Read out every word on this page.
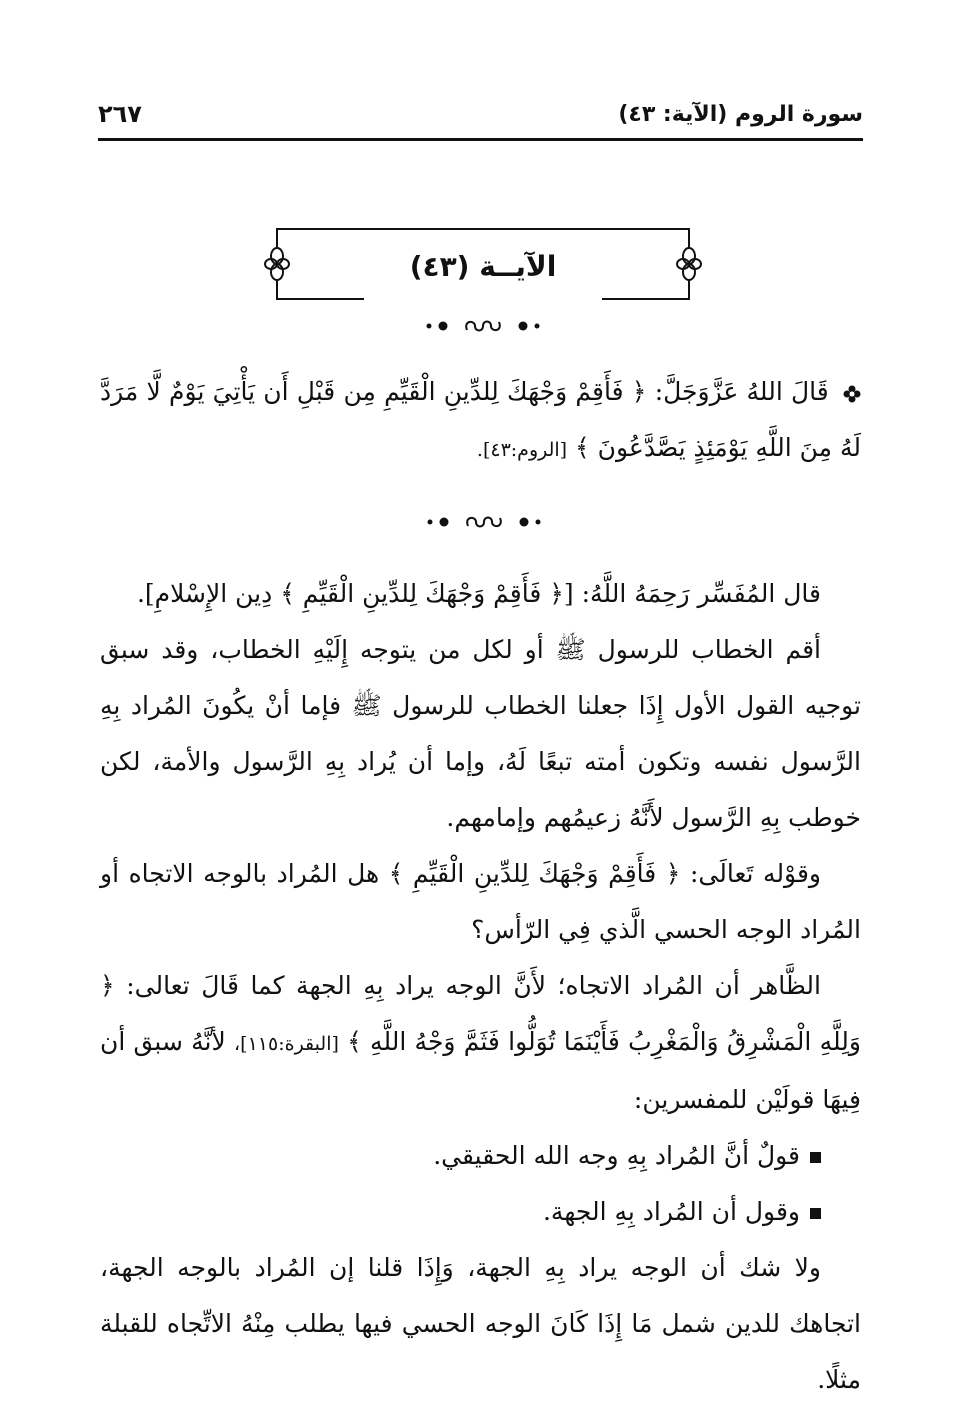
سورة الروم (الآية: ٤٣)
٢٦٧
الآيــة (٤٣)

قَالَ اللهُ عَزَّوَجَلَّ: ﴿ فَأَقِمْ وَجْهَكَ لِلدِّينِ الْقَيِّمِ مِن قَبْلِ أَن يَأْتِيَ يَوْمٌ لَّا مَرَدَّ لَهُ مِنَ اللَّهِ يَوْمَئِذٍ يَصَّدَّعُونَ ﴾ [الروم:٤٣].

قال المُفَسِّر رَحِمَهُ اللَّهُ: [﴿ فَأَقِمْ وَجْهَكَ لِلدِّينِ الْقَيِّمِ ﴾ دِين الإِسْلامِ].

أقم الخطاب للرسول ﷺ أو لكل من يتوجه إِلَيْهِ الخطاب، وقد سبق توجيه القول الأول إِذَا جعلنا الخطاب للرسول ﷺ فإما أنْ يكُونَ المُراد بِهِ الرَّسول نفسه وتكون أمته تبعًا لَهُ، وإما أن يُراد بِهِ الرَّسول والأمة، لكن خوطب بِهِ الرَّسول لأَنَّهُ زعيمُهم وإمامهم.

وقوْله تَعالَى: ﴿ فَأَقِمْ وَجْهَكَ لِلدِّينِ الْقَيِّمِ ﴾ هل المُراد بالوجه الاتجاه أو المُراد الوجه الحسي الَّذي فِي الرّأس؟

الظَّاهر أن المُراد الاتجاه؛ لأَنَّ الوجه يراد بِهِ الجهة كما قَالَ تعالى: ﴿ وَلِلَّهِ الْمَشْرِقُ وَالْمَغْرِبُ فَأَيْنَمَا تُوَلُّوا فَثَمَّ وَجْهُ اللَّهِ ﴾ [البقرة:١١٥]، لأنَّهُ سبق أن فِيهَا قولَيْن للمفسرين:

قولٌ أنَّ المُراد بِهِ وجه الله الحقيقي.

وقول أن المُراد بِهِ الجهة.

ولا شك أن الوجه يراد بِهِ الجهة، وَإِذَا قلنا إن المُراد بالوجه الجهة، اتجاهك للدين شمل مَا إِذَا كَانَ الوجه الحسي فيها يطلب مِنْهُ الاتِّجاه للقبلة مثلًا.
